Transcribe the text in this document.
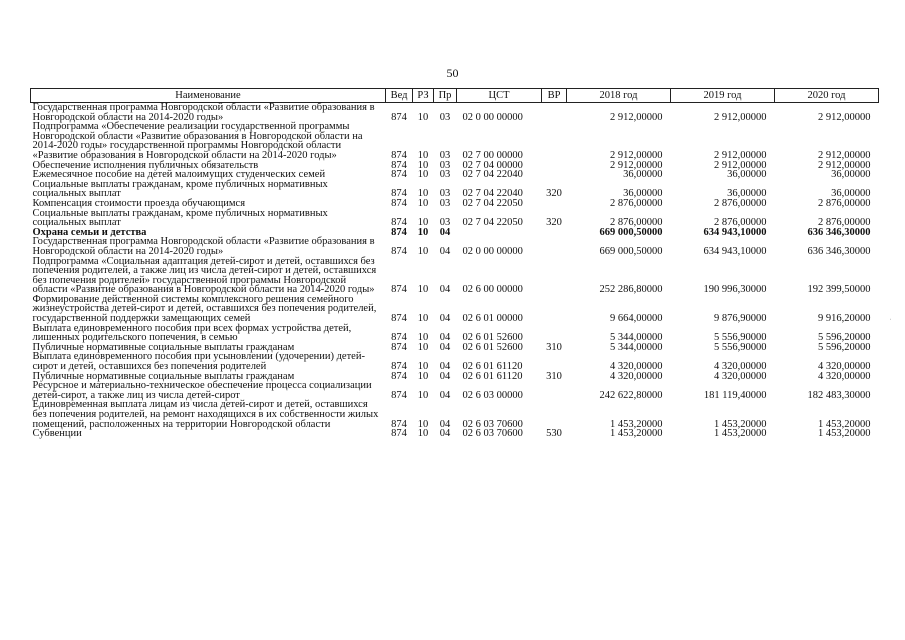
50
Наименование	Вед	РЗ	Пр	ЦСТ	ВР	2018 год	2019 год	2020 год
Государственная программа Новгородской области «Развитие образования в Новгородской области на 2014-2020 годы»	874	10	03	02 0 00 00000		2 912,00000	2 912,00000	2 912,00000
Подпрограмма «Обеспечение реализации государственной программы Новгородской области «Развитие образования в Новгородской области на 2014-2020 годы» государственной программы Новгородской области «Развитие образования в Новгородской области на 2014-2020 годы»	874	10	03	02 7 00 00000		2 912,00000	2 912,00000	2 912,00000
Обеспечение исполнения публичных обязательств	874	10	03	02 7 04 00000		2 912,00000	2 912,00000	2 912,00000
Ежемесячное пособие на детей малоимущих студенческих семей	874	10	03	02 7 04 22040		36,00000	36,00000	36,00000
Социальные выплаты гражданам, кроме публичных нормативных социальных выплат	874	10	03	02 7 04 22040	320	36,00000	36,00000	36,00000
Компенсация стоимости проезда обучающимся	874	10	03	02 7 04 22050		2 876,00000	2 876,00000	2 876,00000
Социальные выплаты гражданам, кроме публичных нормативных социальных выплат	874	10	03	02 7 04 22050	320	2 876,00000	2 876,00000	2 876,00000
Охрана семьи и детства	874	10	04			669 000,50000	634 943,10000	636 346,30000
Государственная программа Новгородской области «Развитие образования в Новгородской области на 2014-2020 годы»	874	10	04	02 0 00 00000		669 000,50000	634 943,10000	636 346,30000
Подпрограмма «Социальная адаптация детей-сирот и детей, оставшихся без попечения родителей, а также лиц из числа детей-сирот и детей, оставшихся без попечения родителей» государственной программы Новгородской области «Развитие образования в Новгородской области на 2014-2020 годы»	874	10	04	02 6 00 00000		252 286,80000	190 996,30000	192 399,50000
Формирование действенной системы комплексного решения семейного жизнеустройства детей-сирот и детей, оставшихся без попечения родителей, государственной поддержки замещающих семей	874	10	04	02 6 01 00000		9 664,00000	9 876,90000	9 916,20000
Выплата единовременного пособия при всех формах устройства детей, лишенных родительского попечения, в семью	874	10	04	02 6 01 52600		5 344,00000	5 556,90000	5 596,20000
Публичные нормативные социальные выплаты гражданам	874	10	04	02 6 01 52600	310	5 344,00000	5 556,90000	5 596,20000
Выплата единовременного пособия при усыновлении (удочерении) детей-сирот и детей, оставшихся без попечения родителей	874	10	04	02 6 01 61120		4 320,00000	4 320,00000	4 320,00000
Публичные нормативные социальные выплаты гражданам	874	10	04	02 6 01 61120	310	4 320,00000	4 320,00000	4 320,00000
Ресурсное и материально-техническое обеспечение процесса социализации детей-сирот, а также лиц из числа детей-сирот	874	10	04	02 6 03 00000		242 622,80000	181 119,40000	182 483,30000
Единовременная выплата лицам из числа детей-сирот и детей, оставшихся без попечения родителей, на ремонт находящихся в их собственности жилых помещений, расположенных на территории Новгородской области	874	10	04	02 6 03 70600		1 453,20000	1 453,20000	1 453,20000
Субвенции	874	10	04	02 6 03 70600	530	1 453,20000	1 453,20000	1 453,20000
·
